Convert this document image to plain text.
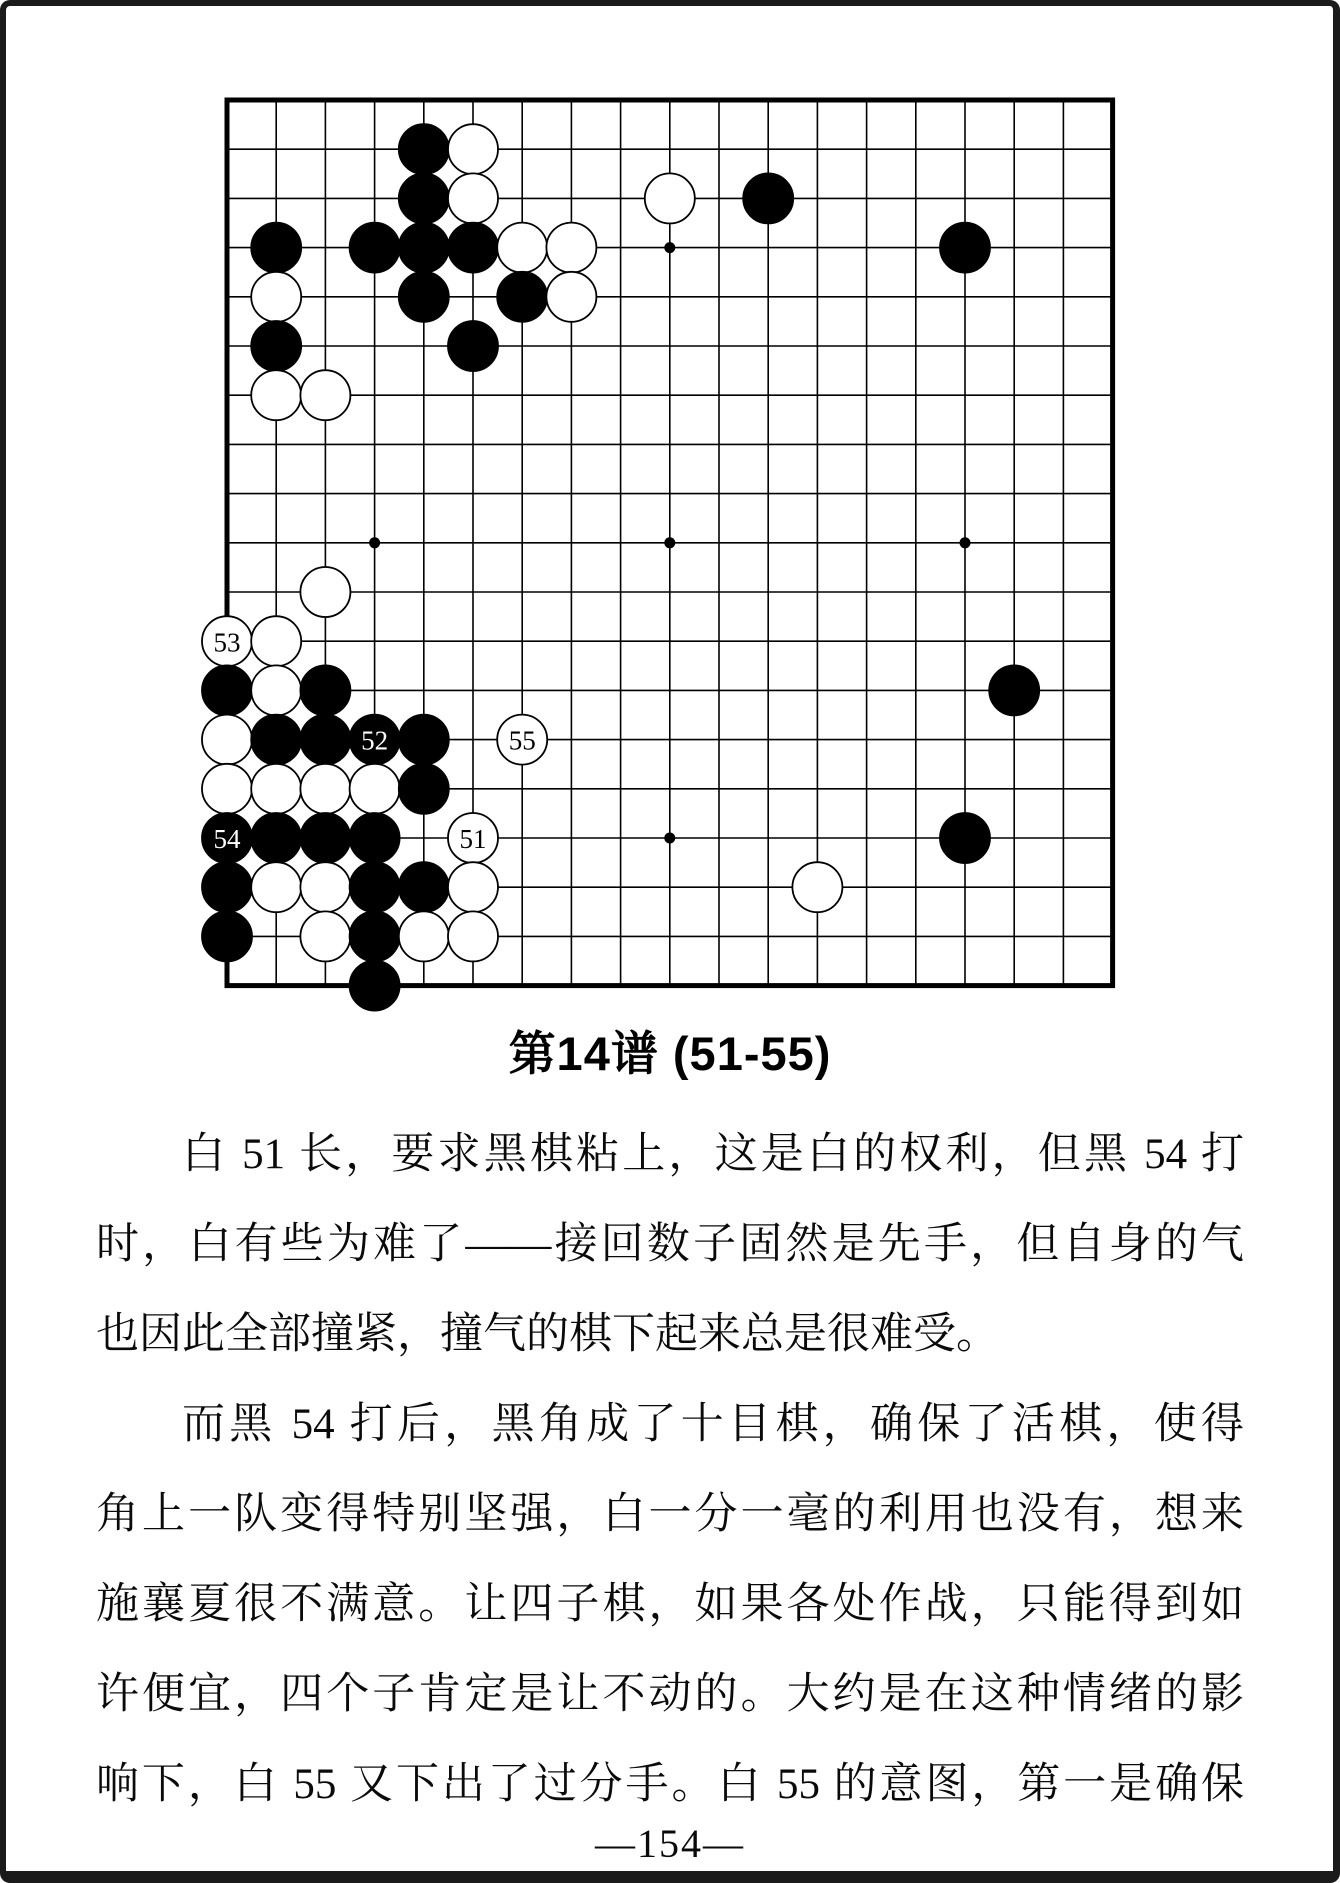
53
52	55
54	51
第14谱 (51-55)
白 51 长，要求黑棋粘上，这是白的权利，但黑 54 打
时，白有些为难了——接回数子固然是先手，但自身的气
也因此全部撞紧，撞气的棋下起来总是很难受。
而黑 54 打后，黑角成了十目棋，确保了活棋，使得
角上一队变得特别坚强，白一分一毫的利用也没有，想来
施襄夏很不满意。让四子棋，如果各处作战，只能得到如
许便宜，四个子肯定是让不动的。大约是在这种情绪的影
响下，白 55 又下出了过分手。白 55 的意图，第一是确保
—154—
